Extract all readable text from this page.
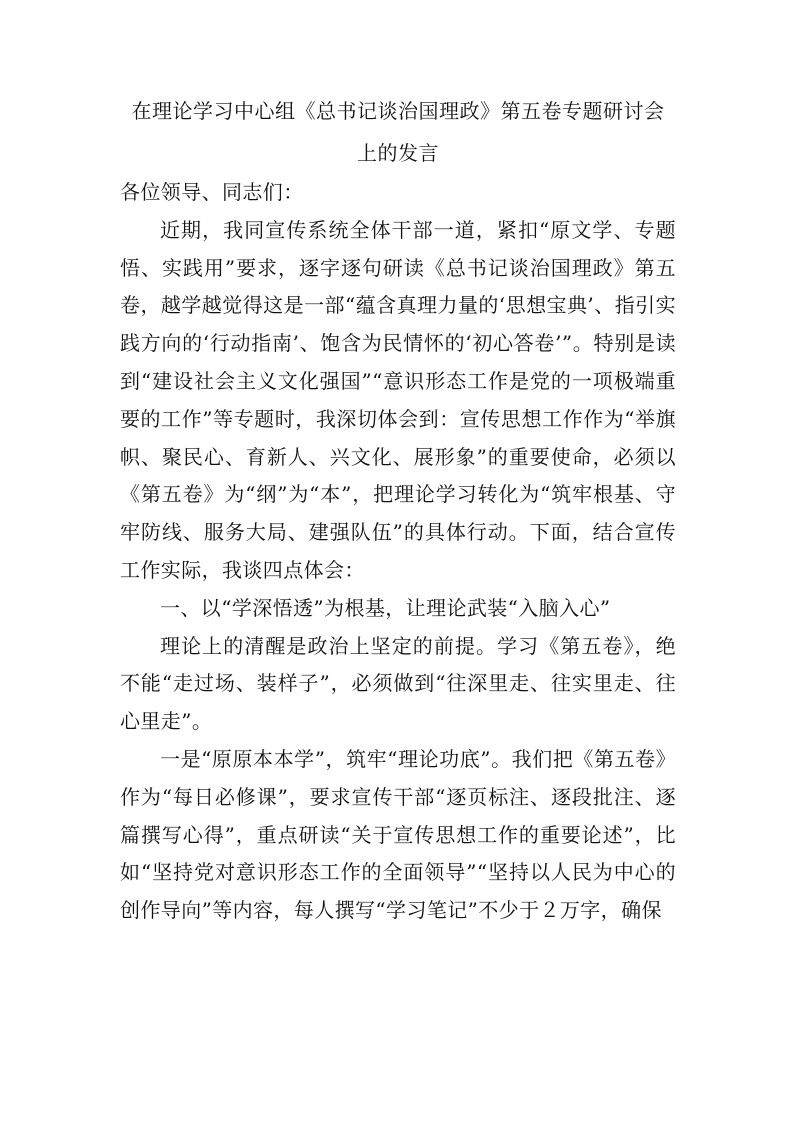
在理论学习中心组《总书记谈治国理政》第五卷专题研讨会
上的发言

各位领导、同志们：

近期，我同宣传系统全体干部一道，紧扣“原文学、专题悟、实践用”要求，逐字逐句研读《总书记谈治国理政》第五卷，越学越觉得这是一部“蕴含真理力量的‘思想宝典’、指引实践方向的‘行动指南’、饱含为民情怀的‘初心答卷’”。特别是读到“建设社会主义文化强国”“意识形态工作是党的一项极端重要的工作”等专题时，我深切体会到：宣传思想工作作为“举旗帜、聚民心、育新人、兴文化、展形象”的重要使命，必须以《第五卷》为“纲”为“本”，把理论学习转化为“筑牢根基、守牢防线、服务大局、建强队伍”的具体行动。下面，结合宣传工作实际，我谈四点体会：

一、以“学深悟透”为根基，让理论武装“入脑入心”

理论上的清醒是政治上坚定的前提。学习《第五卷》，绝不能“走过场、装样子”，必须做到“往深里走、往实里走、往心里走”。

一是“原原本本学”，筑牢“理论功底”。我们把《第五卷》作为“每日必修课”，要求宣传干部“逐页标注、逐段批注、逐篇撰写心得”，重点研读“关于宣传思想工作的重要论述”，比如“坚持党对意识形态工作的全面领导”“坚持以人民为中心的创作导向”等内容，每人撰写“学习笔记”不少于２万字，确保
